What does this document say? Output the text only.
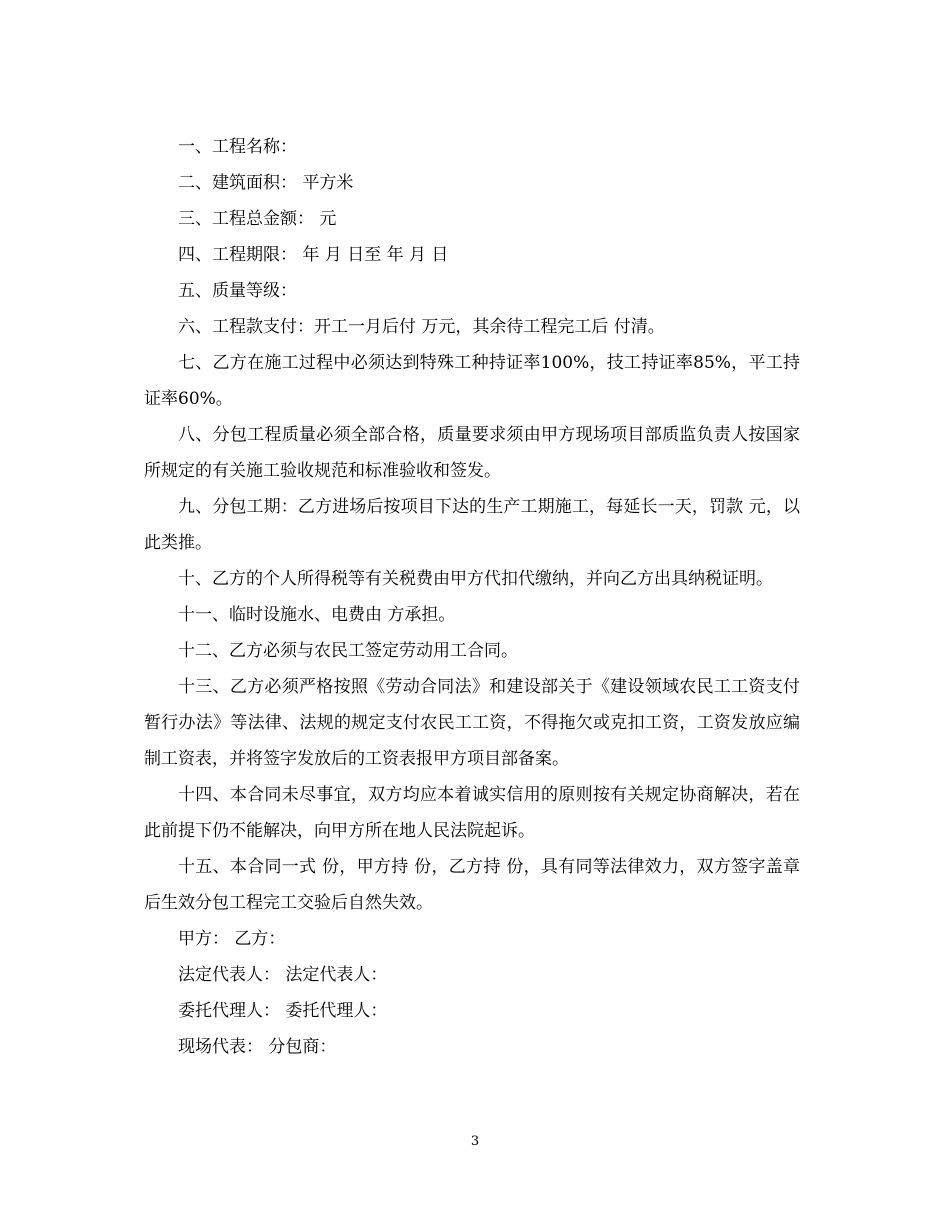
一、工程名称：

二、建筑面积： 平方米

三、工程总金额： 元

四、工程期限： 年 月 日至 年 月 日

五、质量等级：

六、工程款支付：开工一月后付 万元，其余待工程完工后 付清。

七、乙方在施工过程中必须达到特殊工种持证率100%，技工持证率85%，平工持证率60%。

八、分包工程质量必须全部合格，质量要求须由甲方现场项目部质监负责人按国家所规定的有关施工验收规范和标准验收和签发。

九、分包工期：乙方进场后按项目下达的生产工期施工，每延长一天，罚款 元，以此类推。

十、乙方的个人所得税等有关税费由甲方代扣代缴纳，并向乙方出具纳税证明。

十一、临时设施水、电费由 方承担。

十二、乙方必须与农民工签定劳动用工合同。

十三、乙方必须严格按照《劳动合同法》和建设部关于《建设领域农民工工资支付暂行办法》等法律、法规的规定支付农民工工资，不得拖欠或克扣工资，工资发放应编制工资表，并将签字发放后的工资表报甲方项目部备案。

十四、本合同未尽事宜，双方均应本着诚实信用的原则按有关规定协商解决，若在此前提下仍不能解决，向甲方所在地人民法院起诉。

十五、本合同一式 份，甲方持 份，乙方持 份，具有同等法律效力，双方签字盖章后生效分包工程完工交验后自然失效。

甲方： 乙方：

法定代表人： 法定代表人：

委托代理人： 委托代理人：

现场代表： 分包商：

3
